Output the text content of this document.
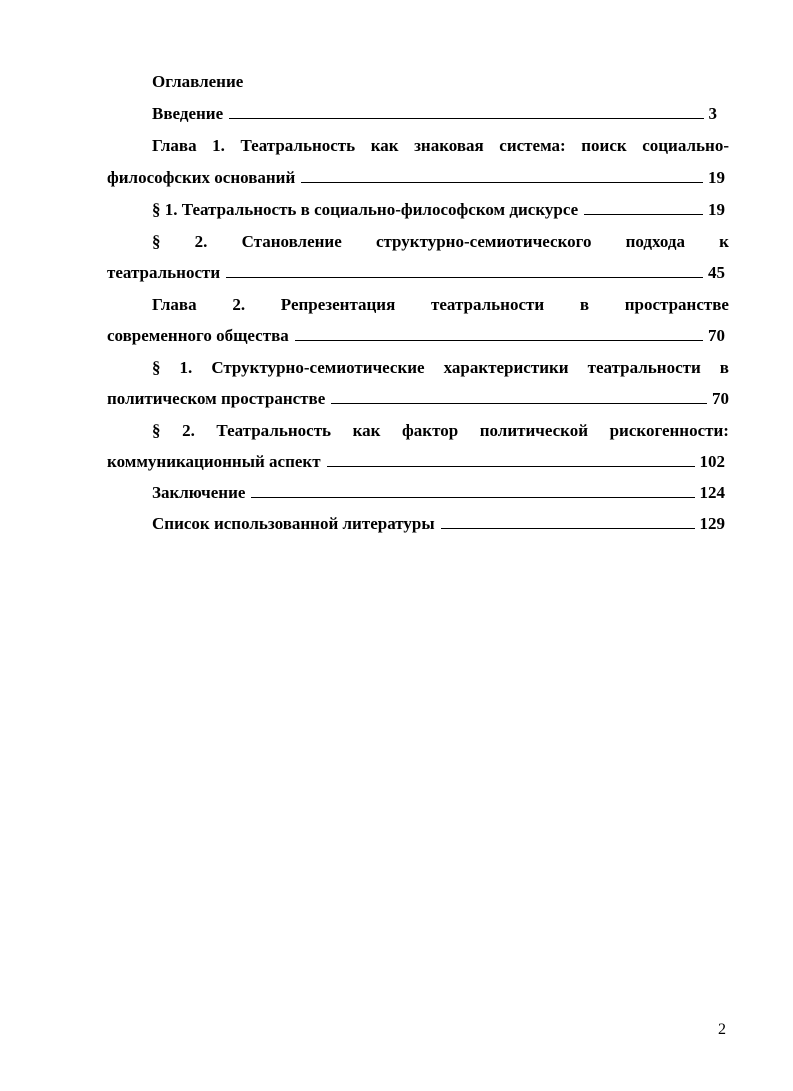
Оглавление
Введение	3
Глава 1. Театральность как знаковая система: поиск социально-
философских оснований	19
§ 1. Театральность в социально-философском дискурсе	19
§ 2. Становление структурно-семиотического подхода к
театральности	45
Глава 2. Репрезентация театральности в пространстве
современного общества	70
§ 1. Структурно-семиотические характеристики театральности в
политическом пространстве	70
§ 2. Театральность как фактор политической рискогенности:
коммуникационный аспект	102
Заключение	124
Список использованной литературы	129
2
